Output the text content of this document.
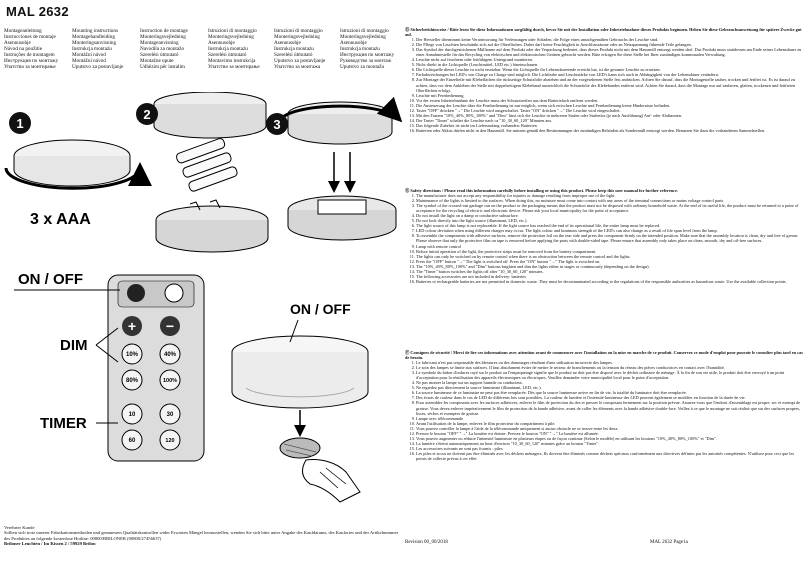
MAL 2632
Montageanleitung
Instrucciones de montaje
Asennusohje
Návod na použitie
Instruções de montagem
Инструкция по монтажу
Упатство за монтирање
Mounting instructions
Montagehandleiding
Monteringsanvisning
Instrukcja montażu
Montážní návod
Montážní návod
Uputstvo za postavljanje
Instruction de montage
Monteringsvejledning
Montageanvisning
Navodila za montažo
Szerelési útmutató
Montažne upute
Udhëzim për instalim
Istruzioni di montaggio
Monteringsvejledning
Asennusohje
Instrukcja montażu
Szerelési útmutató
Montavimo instrukcija
Упатство за монтирање
Istruzioni di montaggio
Monteringsvejledning
Asennusohje
Instrukcja montażu
Szerelési útmutató
Uputstvo za postavljanje
Упатство за монтажа
Istruzioni di montaggio
Monteringsvejledning
Asennusohje
Instrukcja montażu
Инструкция по монтажу
Руководство за монтаж
Uputstvo za montažu
1
2
3 x AAA
3
+ −
10%	40%
80%	100%
10	30
60	120
ON / OFF
DIM
TIMER
ON / OFF
Verehrter Kunde
Sollten sich trotz unserer Fabrikationsmethoden und genauesten Qualitätskontrollen wider Erwarten Mängel herausstellen, wenden Sie sich bitte unter Angabe des Kaufdatums, des Kaufortes und der Artikelnummer des Produktes an folgende kostenlose Hotline: 00800/BRILONER (00800/27456637)
Briloner Leuchten / Im Kissen 2 / 59929 Brilon
Ⓓ Sicherheitshinweise / Bitte lesen Sie diese Informationen sorgfältig durch, bevor Sie mit der Installation oder Inbetriebnahme dieses Produkts beginnen. Heben Sie diese Gebrauchsanweisung für spätere Zwecke gut auf.
1. Der Hersteller übernimmt keine Verantwortung für Verletzungen oder Schäden, die Folge eines unsachgemäßen Gebrauchs der Leuchte sind.
2. Die Pflege von Leuchten beschränkt sich auf die Oberflächen. Dabei darf keine Feuchtigkeit in Anschlussräume oder an Netzspannung führende Teile gelangen.
3. Das Symbol der durchgestrichenen Mülltonne auf dem Produkt oder der Verpackung bedeutet, dass dieses Produkt nicht mit dem Hausmüll entsorgt werden darf. Das Produkt muss stattdessen am Ende seiner Lebensdauer zu einer Annahmestelle für das Recycling von elektrischen und elektronischen Geräten gebracht werden. Bitte erfragen Sie diese Stelle bei Ihrer zuständigen kommunalen Verwaltung.
4. Leuchte nicht auf feuchtem oder leitfähigem Untergrund montieren.
5. Nicht direkt in die Lichtquelle (Leuchtmittel, LED etc.) hineinschauen.
6. Die Lichtquelle dieser Leuchte ist nicht ersetzbar. Wenn die Lichtquelle ihr Lebensdauerende erreicht hat, ist die gesamte Leuchte zu ersetzen.
7. Farbabweichungen bei LED's von Charge zu Charge sind möglich. Die Lichtfarbe und Leuchtstärke von LED's kann sich auch in Abhängigkeit von der Lebensdauer verändern.
8. Zur Montage der Einzelteile mit Klebeflächen die rückseitige Schutzfolie abziehen und an der vorgesehenen Stelle fest andrücken. Achten Sie darauf, dass die Montagestelle sauber, trocken und fettfrei ist. Es ist darauf zu achten, dass vor dem Ankleben der Stelle mit doppelseitigem Klebeband ausreichlich die Schutzfolie des Klebebandes entfernt wird. Achten Sie darauf, dass die Montage nur auf sauberen, glatten, trockenen und fettfreien Oberflächen erfolgt.
9. Leuchte mit Fernbedienung
10. Vor der ersten Inbetriebnahme der Leuchte muss der Schutzstreifen aus dem Batteriefach entfernt werden.
11. Die Ansteuerung der Leuchte über die Fernbedienung ist nur möglich, wenn sich zwischen Leuchte und Fernbedienung keine Hindernisse befinden.
12. Taster "OFF" drücken "→" Die Leuchte wird ausgeschaltet. Taster "ON" drücken "→" Die Leuchte wird eingeschaltet.
13. Mit den Tastern "10%_40%_80%_100%" und "Dim" lässt sich die Leuchte in mehreren Stufen oder Stufenlos (je nach Ausführung) Auf- oder Abdimmen.
14. Der Taster "Timer" schaltet die Leuchte nach ca "10_30_60_120" Minuten aus.
15. Das folgende Zubehör ist nicht im Lieferumfang vorhanden: Batterien
16. Batterien oder Akkus dürfen nicht in den Hausmüll. Sie müssen gemäß den Bestimmungen der zuständigen Behörden als Sondermüll entsorgt werden. Benutzen Sie dazu die vorhandenen Sammelstellen.
Ⓖ Safety directions / Please read this information carefully before installing or using this product. Please keep this user manual for further reference.
1. The manufacturer does not accept any responsibility for injuries or damage resulting from improper use of the light.
2. Maintenance of the lights is limited to the surfaces. When doing this, no moisture must come into contact with any areas of the terminal connections or mains voltage control parts.
3. The symbol of the crossed-out garbage can on the product or the packaging means that the product must not be disposed with ordinary household waste. At the end of its useful life, the product must be returned to a point of acceptance for the recycling of electric and electronic device. Please ask your local municipality for the point of acceptance.
4. Do not install the light on a damp or conductive subsurface.
5. Do not look directly into the light source (illuminant, LED, etc.).
6. The light source of this lamp is not replaceable. If the light source has reached the end of its operational life, the entire lamp must be replaced.
7. LED colour deviation when using different charges may occur. The light colour and luminous strength of the LED's can also change as a result of life span level from the lamp.
8. To assemble the components with adhesive surfaces, remove the protection foil on the rear side and press the component firmly on the intended position. Make sure that the assembly location is clean, dry and free of grease. Please observe that only the protective film on tape is removed before applying the parts with double-sided tape. Please ensure that assembly only takes place on clean, smooth, dry and oil-free surfaces.
9. Lamp with remote control
10. Before initial operation of the light, the protective strips must be removed from the battery compartment.
11. The lights can only be switched on by remote control when there is no obstruction between the remote control and the lights.
12. Press the "OFF" button "→" The light is switched off. Press the "ON" button "→" The light is switched on.
13. The "10%_40%_80%_100%" and "Dim" buttons brighten and dim the lights either in stages or continuously (depending on the design).
14. The "Timer" button switches the lights off after "10_30_60_120" minutes.
15. The following accessories are not included in delivery: batteries
16. Batteries or rechargeable batteries are not permitted in domestic waste. They must be decontaminated according to the regulations of the responsible authorities as hazardous waste. Use the available collection points.
Ⓕ Consignes de sécurité / Merci de lire ces informations avec attention avant de commencer avec l'installation ou la mise en marche de ce produit. Conservez ce mode d'emploi pour pouvoir le consulter plus tard en cas de besoin.
1. Le fabricant n'est pas responsable des blessures ou des dommages résultant d'une utilisation incorrecte des lampes.
2. Le soin des lampes se limite aux surfaces. Il faut absolument éviter de mettre le secteur de branchements ou la tension du réseau des pièces conductrices en contact avec l'humidité.
3. Le symbole du bidon d'ordures rayé sur le produit ou l'empaquetage signifie que le produit ne doit pas être disposé avec le déchet ordinaire de ménage. À la fin de son vie utile, le produit doit être renvoyé à un point d'acceptation pour la réutilisation des appareils électroniques ou électriques. Veuillez demander votre municipalité local pour le point d'acceptation.
4. Ne pas monter la lampe sur un support humide ou conducteur.
5. Ne regardez pas directement la source lumineuse (illuminant, LED, etc.).
6. La source lumineuse de ce luminaire ne peut pas être remplacée. Dès que la source lumineuse arrive en fin de vie, la totalité du luminaire doit être remplacée.
7. Des écarts de couleur dans le cas de LED de différents lots sont possibles. La couleur de lumière et l'intensité lumineuse des LED peuvent également se modifier en fonction de la durée de vie.
8. Pour assembler les composants avec les surfaces adhésives, enlever le film de protection du dos et presser le composant fermement sur la position prévue. Assurez-vous que l'endroit d'assemblage est propre, sec et exempt de graisse. Vous devez enlever impérativement le film de protection de la bande adhésive, avant de coller les éléments avec la bande adhésive double-face. Veillez à ce que le montage ne soit réalisé que sur des surfaces propres, lisses, sèches et exemptes de graisse.
9. Lampe avec télécommande
10. Avant l'utilisation de la lampe, enlevez le film protecteur du compartiment à pile.
11. Vous pouvez contrôler la lampe à l'aide de la télécommande uniquement si aucun obstacle ne se trouve entre les deux.
12. Pressez le bouton "OFF" "→" La lumière est éteinte. Pressez le bouton "ON" "→" La lumière est allumée.
13. Vous pouvez augmenter ou réduire l'intensité lumineuse en plusieurs étapes ou de façon continue (Selon le modèle) en utilisant les boutons "10%_40%_80%_100%" et "Dim".
14. La lumière s'éteint automatiquement au bout d'environ "10_30_60_120" minutes grâce au bouton "Timer".
15. Les accessoires suivants ne sont pas fournis : piles
16. Les piles et accus ne doivent pas être éliminés avec les déchets ménagers. Ils doivent être éliminés comme déchets spéciaux conformément aux directives définies par les autorités compétentes. N'utilisez pour ceci que les points de collecte prévus à cet effet.
Revision 00_00/2018	MAL 2632 Page1a
